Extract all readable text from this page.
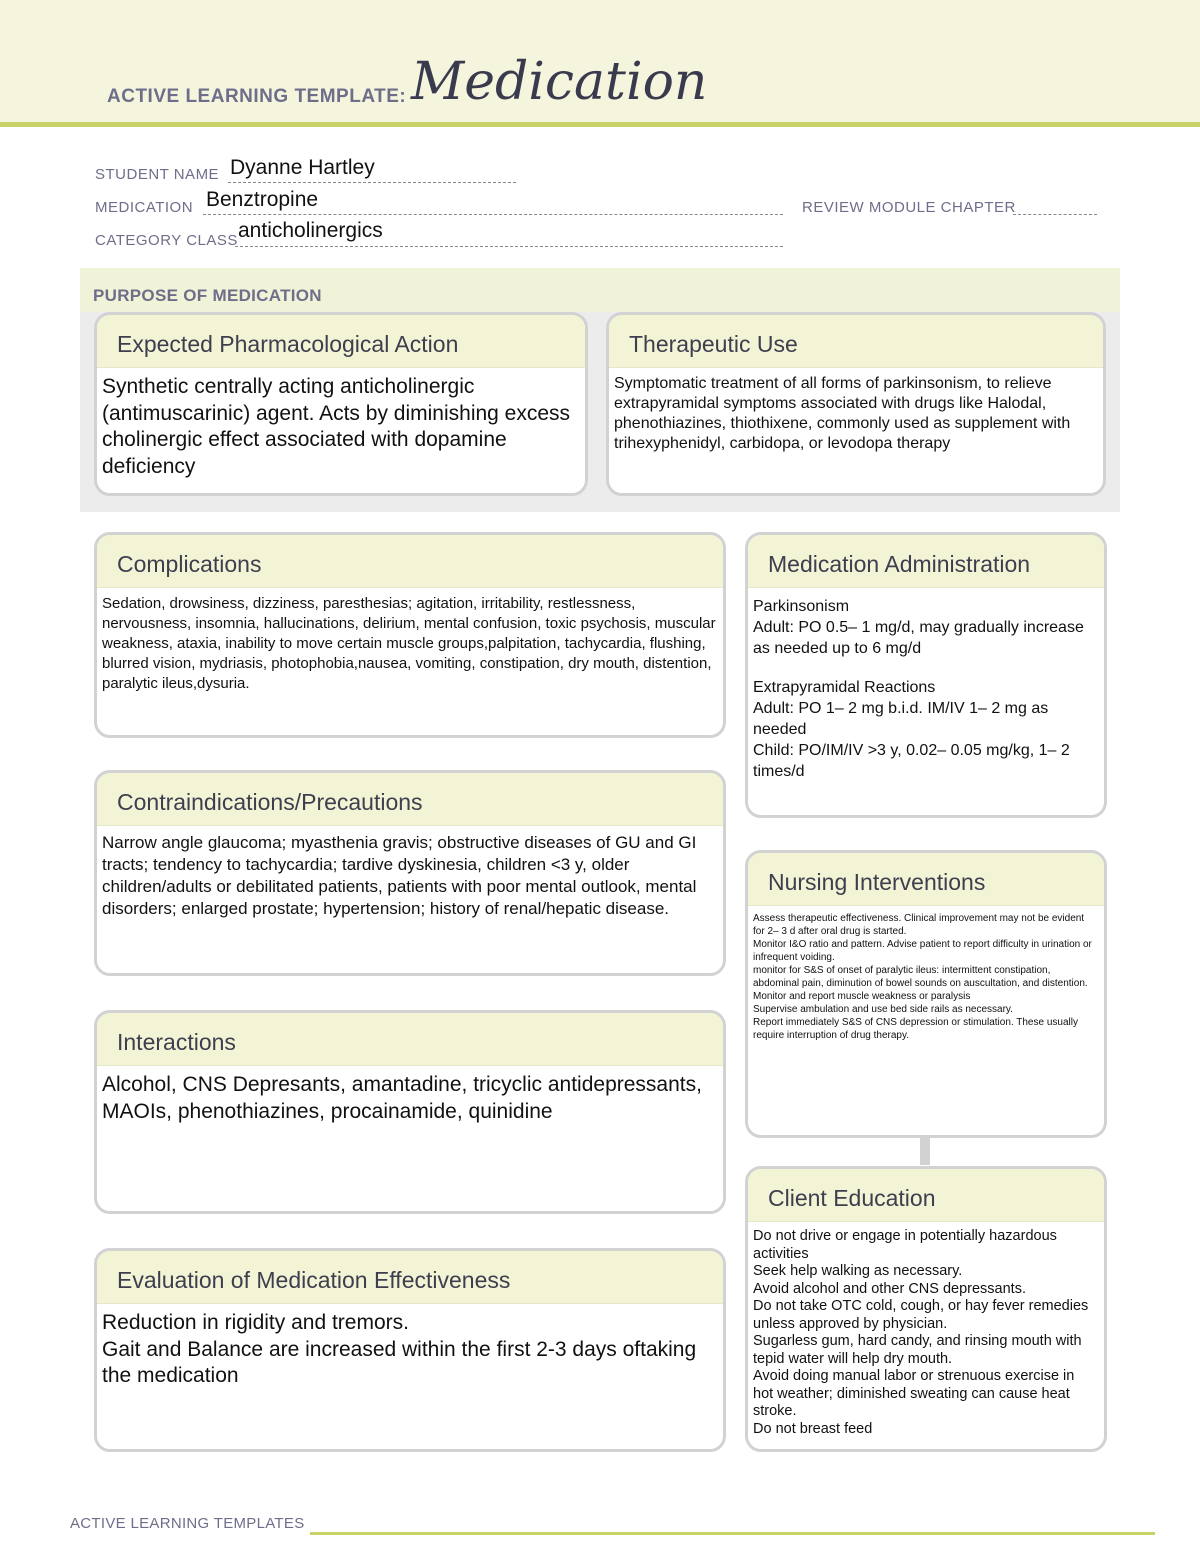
ACTIVE LEARNING TEMPLATE: Medication
STUDENT NAME Dyanne Hartley
MEDICATION Benztropine	REVIEW MODULE CHAPTER
CATEGORY CLASS anticholinergics
PURPOSE OF MEDICATION
Expected Pharmacological Action
Synthetic centrally acting anticholinergic (antimuscarinic) agent. Acts by diminishing excess cholinergic effect associated with dopamine deficiency
Therapeutic Use
Symptomatic treatment of all forms of parkinsonism, to relieve extrapyramidal symptoms associated with drugs like Halodal, phenothiazines, thiothixene, commonly used as supplement with trihexyphenidyl, carbidopa, or levodopa therapy
Complications
Sedation, drowsiness, dizziness, paresthesias; agitation, irritability, restlessness, nervousness, insomnia, hallucinations, delirium, mental confusion, toxic psychosis, muscular weakness, ataxia, inability to move certain muscle groups,palpitation, tachycardia, flushing, blurred vision, mydriasis, photophobia,nausea, vomiting, constipation, dry mouth, distention, paralytic ileus,dysuria.
Medication Administration

Parkinsonism

Adult: PO 0.5– 1 mg/d, may gradually increase as needed up to 6 mg/d

Extrapyramidal Reactions

Adult: PO 1– 2 mg b.i.d. IM/IV 1– 2 mg as needed

Child: PO/IM/IV >3 y, 0.02– 0.05 mg/kg, 1– 2 times/d

Contraindications/Precautions
Narrow angle glaucoma; myasthenia gravis; obstructive diseases of GU and GI tracts; tendency to tachycardia; tardive dyskinesia, children <3 y, older children/adults or debilitated patients, patients with poor mental outlook, mental disorders; enlarged prostate; hypertension; history of renal/hepatic disease.
Nursing Interventions

Assess therapeutic effectiveness. Clinical improvement may not be evident for 2– 3 d after oral drug is started.

Monitor I&O ratio and pattern. Advise patient to report difficulty in urination or infrequent voiding.

monitor for S&S of onset of paralytic ileus: intermittent constipation, abdominal pain, diminution of bowel sounds on auscultation, and distention.

Monitor and report muscle weakness or paralysis

Supervise ambulation and use bed side rails as necessary.

Report immediately S&S of CNS depression or stimulation. These usually require interruption of drug therapy.

Interactions
Alcohol, CNS Depresants, amantadine, tricyclic antidepressants, MAOIs, phenothiazines, procainamide, quinidine
Client Education

Do not drive or engage in potentially hazardous activities

Seek help walking as necessary.

Avoid alcohol and other CNS depressants.

Do not take OTC cold, cough, or hay fever remedies unless approved by physician.

Sugarless gum, hard candy, and rinsing mouth with tepid water will help dry mouth.

Avoid doing manual labor or strenuous exercise in hot weather; diminished sweating can cause heat stroke.

Do not breast feed

Evaluation of Medication Effectiveness
Reduction in rigidity and tremors.
Gait and Balance are increased within the first 2-3 days oftaking the medication
ACTIVE LEARNING TEMPLATES
